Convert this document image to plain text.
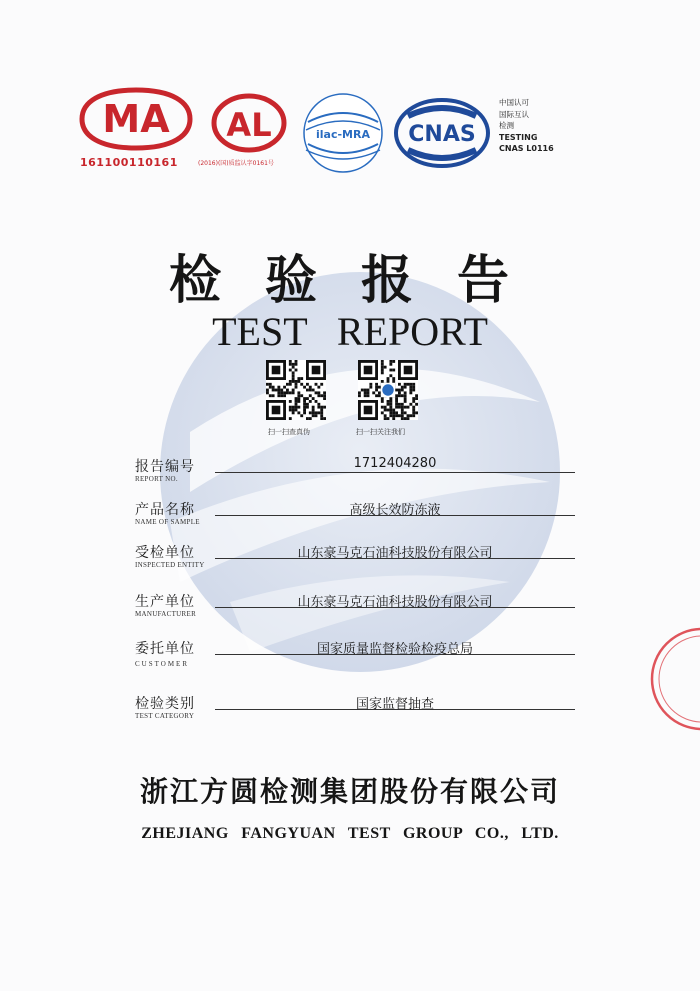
MA
161100110161
AL
(2016)(国)质监认字0161号
ilac-MRA CNAS
中国认可
国际互认
检测
TESTING
CNAS L0116
检验报告
TEST REPORT
扫一扫查真伪	扫一扫关注我们
报告编号
REPORT NO.
1712404280
产品名称
NAME OF SAMPLE
高级长效防冻液
受检单位
INSPECTED ENTITY
山东豪马克石油科技股份有限公司
生产单位
MANUFACTURER
山东豪马克石油科技股份有限公司
委托单位
CUSTOMER
国家质量监督检验检疫总局
检验类别
TEST CATEGORY
国家监督抽查
浙江方圆检测集团股份有限公司
ZHEJIANG FANGYUAN TEST GROUP CO., LTD.
